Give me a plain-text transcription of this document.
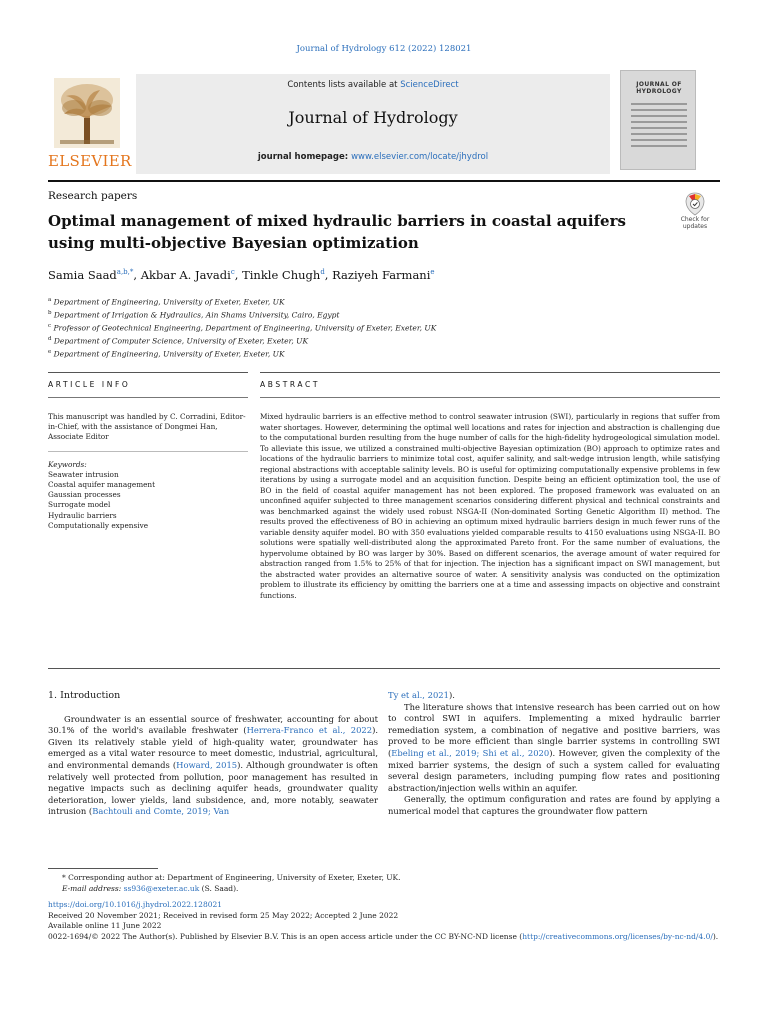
Journal of Hydrology 612 (2022) 128021
ELSEVIER
Contents lists available at ScienceDirect
Journal of Hydrology
journal homepage: www.elsevier.com/locate/jhydrol
JOURNAL OF HYDROLOGY
Research papers
Optimal management of mixed hydraulic barriers in coastal aquifers using multi-objective Bayesian optimization
Check for updates
Samia Saad$^{a,b,*}$, Akbar A. Javadi$^c$, Tinkle Chugh$^d$, Raziyeh Farmani$^e$
$^a$ Department of Engineering, University of Exeter, Exeter, UK
$^b$ Department of Irrigation & Hydraulics, Ain Shams University, Cairo, Egypt
$^c$ Professor of Geotechnical Engineering, Department of Engineering, University of Exeter, Exeter, UK
$^d$ Department of Computer Science, University of Exeter, Exeter, UK
$^e$ Department of Engineering, University of Exeter, Exeter, UK
ARTICLE INFO
This manuscript was handled by C. Corradini, Editor-in-Chief, with the assistance of Dongmei Han, Associate Editor
Keywords:
Seawater intrusion
Coastal aquifer management
Gaussian processes
Surrogate model
Hydraulic barriers
Computationally expensive
ABSTRACT
Mixed hydraulic barriers is an effective method to control seawater intrusion (SWI), particularly in regions that suffer from water shortages. However, determining the optimal well locations and rates for injection and abstraction is challenging due to the computational burden resulting from the huge number of calls for the high-fidelity hydrogeological simulation model. To alleviate this issue, we utilized a constrained multi-objective Bayesian optimization (BO) approach to optimize rates and locations of the hydraulic barriers to minimize total cost, aquifer salinity, and salt-wedge intrusion length, while satisfying regional abstractions with acceptable salinity levels. BO is useful for optimizing computationally expensive problems in few iterations by using a surrogate model and an acquisition function. Despite being an efficient optimization tool, the use of BO in the field of coastal aquifer management has not been explored. The proposed framework was evaluated on an unconfined aquifer subjected to three management scenarios considering different physical and technical constraints and was benchmarked against the widely used robust NSGA-II (Non-dominated Sorting Genetic Algorithm II) method. The results proved the effectiveness of BO in achieving an optimum mixed hydraulic barriers design in much fewer runs of the variable density aquifer model. BO with 350 evaluations yielded comparable results to 4150 evaluations using NSGA-II. BO solutions were spatially well-distributed along the approximated Pareto front. For the same number of evaluations, the hypervolume obtained by BO was larger by 30%. Based on different scenarios, the average amount of water required for abstraction ranged from 1.5% to 25% of that for injection. The injection has a significant impact on SWI management, but the abstracted water provides an alternative source of water. A sensitivity analysis was conducted on the optimization problem to illustrate its efficiency by omitting the barriers one at a time and assessing impacts on objective and constraint functions.
1. Introduction

Groundwater is an essential source of freshwater, accounting for about 30.1% of the world's available freshwater (Herrera-Franco et al., 2022). Given its relatively stable yield of high-quality water, groundwater has emerged as a vital water resource to meet domestic, industrial, agricultural, and environmental demands (Howard, 2015). Although groundwater is often relatively well protected from pollution, poor management has resulted in negative impacts such as declining aquifer heads, groundwater quality deterioration, lower yields, land subsidence, and, more notably, seawater intrusion (Bachtouli and Comte, 2019; Van

Ty et al., 2021).

The literature shows that intensive research has been carried out on how to control SWI in aquifers. Implementing a mixed hydraulic barrier remediation system, a combination of negative and positive barriers, was proved to be more efficient than single barrier systems in controlling SWI (Ebeling et al., 2019; Shi et al., 2020). However, given the complexity of the mixed barrier systems, the design of such a system called for evaluating several design parameters, including pumping flow rates and positioning abstraction/injection wells within an aquifer.

Generally, the optimum configuration and rates are found by applying a numerical model that captures the groundwater flow pattern

* Corresponding author at: Department of Engineering, University of Exeter, Exeter, UK.
E-mail address: ss936@exeter.ac.uk (S. Saad).
https://doi.org/10.1016/j.jhydrol.2022.128021
Received 20 November 2021; Received in revised form 25 May 2022; Accepted 2 June 2022
Available online 11 June 2022
0022-1694/© 2022 The Author(s). Published by Elsevier B.V. This is an open access article under the CC BY-NC-ND license (http://creativecommons.org/licenses/by-nc-nd/4.0/).
